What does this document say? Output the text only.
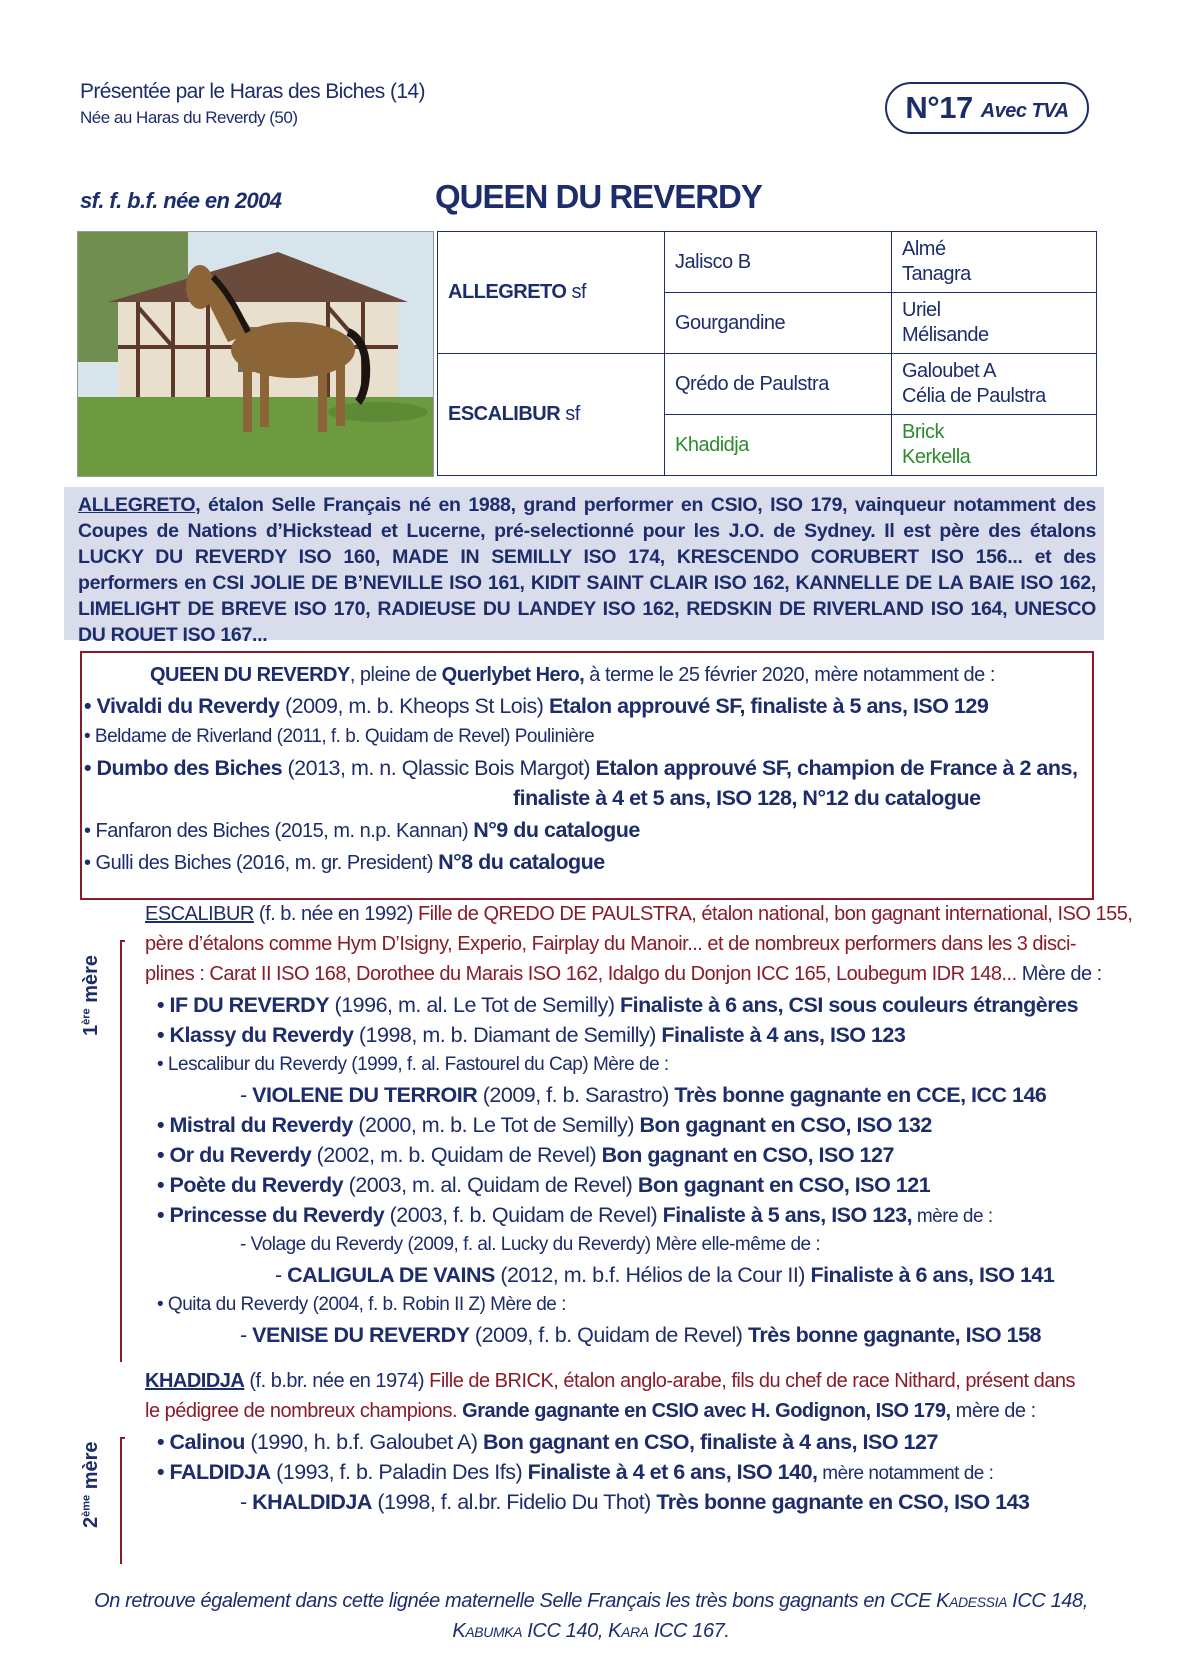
Présentée par le Haras des Biches (14)
Née au Haras du Reverdy (50)	N°17 Avec TVA
sf. f. b.f. née en 2004	QUEEN DU REVERDY
ALLEGRETO sf	Jalisco B	Almé
Tanagra

	Gourgandine	Uriel
Mélisande

ESCALIBUR sf	Qrédo de Paulstra	Galoubet A
Célia de Paulstra

	Khadidja	Brick
Kerkella
ALLEGRETO, étalon Selle Français né en 1988, grand performer en CSIO, ISO 179, vainqueur notamment des Coupes de Nations d’Hickstead et Lucerne, pré-selectionné pour les J.O. de Sydney. Il est père des étalons LUCKY DU REVERDY ISO 160, MADE IN SEMILLY ISO 174, KRESCENDO CORUBERT ISO 156... et des performers en CSI JOLIE DE B’NEVILLE ISO 161, KIDIT SAINT CLAIR ISO 162, KANNELLE DE LA BAIE ISO 162, LIMELIGHT DE BREVE ISO 170, RADIEUSE DU LANDEY ISO 162, REDSKIN DE RIVERLAND ISO 164, UNESCO DU ROUET ISO 167...
QUEEN DU REVERDY, pleine de Querlybet Hero, à terme le 25 février 2020, mère notamment de :
• Vivaldi du Reverdy (2009, m. b. Kheops St Lois) Etalon approuvé SF, finaliste à 5 ans, ISO 129
• Beldame de Riverland (2011, f. b. Quidam de Revel) Poulinière
• Dumbo des Biches (2013, m. n. Qlassic Bois Margot) Etalon approuvé SF, champion de France à 2 ans,
finaliste à 4 et 5 ans, ISO 128, N°12 du catalogue
• Fanfaron des Biches (2015, m. n.p. Kannan) N°9 du catalogue
• Gulli des Biches (2016, m. gr. President) N°8 du catalogue
1ère mère
ESCALIBUR (f. b. née en 1992) Fille de QREDO DE PAULSTRA, étalon national, bon gagnant international, ISO 155,
père d’étalons comme Hym D’Isigny, Experio, Fairplay du Manoir... et de nombreux performers dans les 3 disci-
plines : Carat II ISO 168, Dorothee du Marais ISO 162, Idalgo du Donjon ICC 165, Loubegum IDR 148... Mère de :
• IF DU REVERDY (1996, m. al. Le Tot de Semilly) Finaliste à 6 ans, CSI sous couleurs étrangères
• Klassy du Reverdy (1998, m. b. Diamant de Semilly) Finaliste à 4 ans, ISO 123
• Lescalibur du Reverdy (1999, f. al. Fastourel du Cap) Mère de :
- VIOLENE DU TERROIR (2009, f. b. Sarastro) Très bonne gagnante en CCE, ICC 146
• Mistral du Reverdy (2000, m. b. Le Tot de Semilly) Bon gagnant en CSO, ISO 132
• Or du Reverdy (2002, m. b. Quidam de Revel) Bon gagnant en CSO, ISO 127
• Poète du Reverdy (2003, m. al. Quidam de Revel) Bon gagnant en CSO, ISO 121
• Princesse du Reverdy (2003, f. b. Quidam de Revel) Finaliste à 5 ans, ISO 123, mère de :
- Volage du Reverdy (2009, f. al. Lucky du Reverdy) Mère elle-même de :
- CALIGULA DE VAINS (2012, m. b.f. Hélios de la Cour II) Finaliste à 6 ans, ISO 141
• Quita du Reverdy (2004, f. b. Robin II Z) Mère de :
- VENISE DU REVERDY (2009, f. b. Quidam de Revel) Très bonne gagnante, ISO 158
2ème mère
KHADIDJA (f. b.br. née en 1974) Fille de BRICK, étalon anglo-arabe, fils du chef de race Nithard, présent dans
le pédigree de nombreux champions. Grande gagnante en CSIO avec H. Godignon, ISO 179, mère de :
• Calinou (1990, h. b.f. Galoubet A) Bon gagnant en CSO, finaliste à 4 ans, ISO 127
• FALDIDJA (1993, f. b. Paladin Des Ifs) Finaliste à 4 et 6 ans, ISO 140, mère notamment de :
- KHALDIDJA (1998, f. al.br. Fidelio Du Thot) Très bonne gagnante en CSO, ISO 143
On retrouve également dans cette lignée maternelle Selle Français les très bons gagnants en CCE Kadessia ICC 148,
Kabumka ICC 140, Kara ICC 167.
